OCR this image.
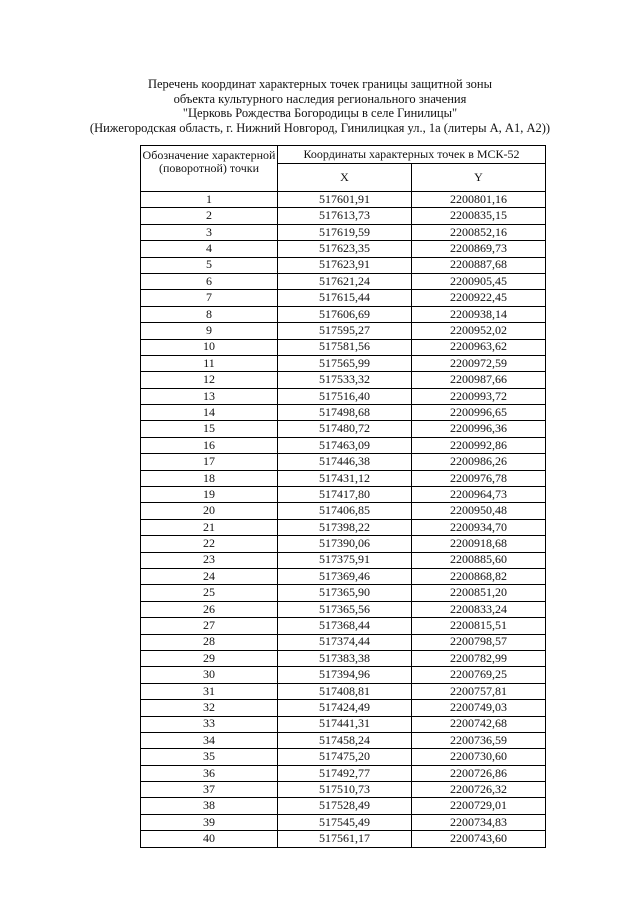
Перечень координат характерных точек границы защитной зоны
объекта культурного наследия регионального значения
"Церковь Рождества Богородицы в селе Гинилицы"
(Нижегородская область, г. Нижний Новгород, Гинилицкая ул., 1а (литеры А, А1, А2))
Обозначение характерной (поворотной) точки	Координаты характерных точек в МСК-52	
	X	Y
1	517601,91	2200801,16
2	517613,73	2200835,15
3	517619,59	2200852,16
4	517623,35	2200869,73
5	517623,91	2200887,68
6	517621,24	2200905,45
7	517615,44	2200922,45
8	517606,69	2200938,14
9	517595,27	2200952,02
10	517581,56	2200963,62
11	517565,99	2200972,59
12	517533,32	2200987,66
13	517516,40	2200993,72
14	517498,68	2200996,65
15	517480,72	2200996,36
16	517463,09	2200992,86
17	517446,38	2200986,26
18	517431,12	2200976,78
19	517417,80	2200964,73
20	517406,85	2200950,48
21	517398,22	2200934,70
22	517390,06	2200918,68
23	517375,91	2200885,60
24	517369,46	2200868,82
25	517365,90	2200851,20
26	517365,56	2200833,24
27	517368,44	2200815,51
28	517374,44	2200798,57
29	517383,38	2200782,99
30	517394,96	2200769,25
31	517408,81	2200757,81
32	517424,49	2200749,03
33	517441,31	2200742,68
34	517458,24	2200736,59
35	517475,20	2200730,60
36	517492,77	2200726,86
37	517510,73	2200726,32
38	517528,49	2200729,01
39	517545,49	2200734,83
40	517561,17	2200743,60
